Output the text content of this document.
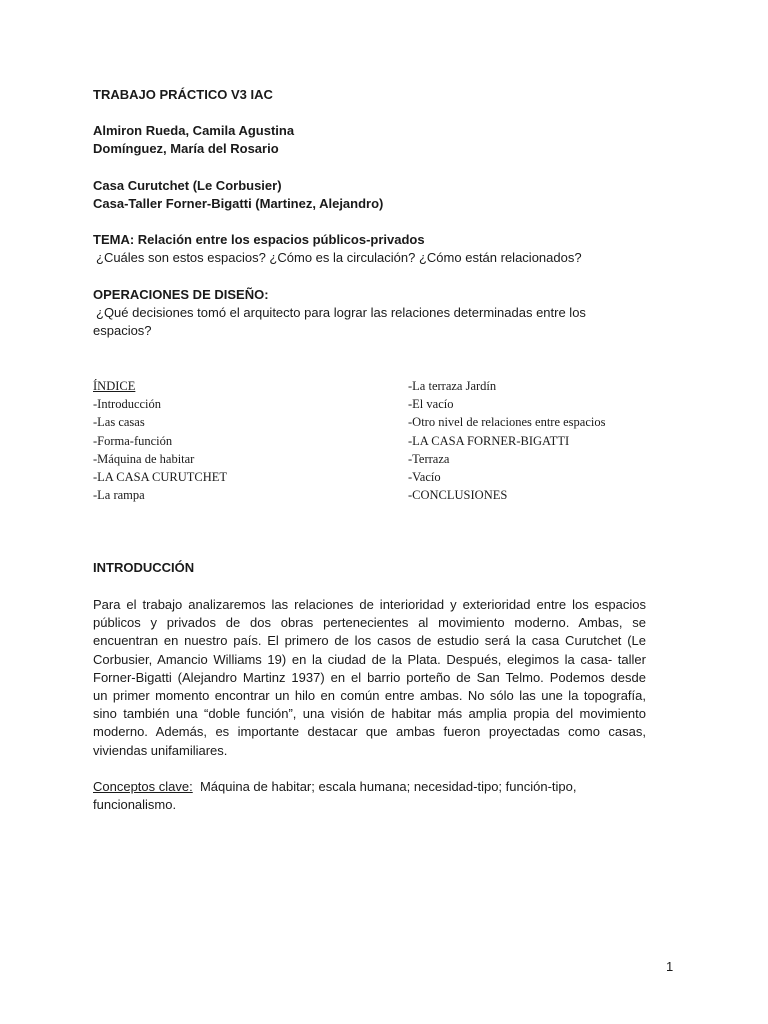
TRABAJO PRÁCTICO V3 IAC
Almiron Rueda, Camila Agustina
Domínguez, María del Rosario
Casa Curutchet (Le Corbusier)
Casa-Taller Forner-Bigatti (Martinez, Alejandro)
TEMA: Relación entre los espacios públicos-privados
¿Cuáles son estos espacios? ¿Cómo es la circulación? ¿Cómo están relacionados?
OPERACIONES DE DISEÑO:
¿Qué decisiones tomó el arquitecto para lograr las relaciones determinadas entre los
espacios?
ÍNDICE
-Introducción
-Las casas
-Forma-función
-Máquina de habitar
-LA CASA CURUTCHET
-La rampa
-La terraza Jardín
-El vacío
-Otro nivel de relaciones entre espacios
-LA CASA FORNER-BIGATTI
-Terraza
-Vacío
-CONCLUSIONES
INTRODUCCIÓN
Para el trabajo analizaremos las relaciones de interioridad y exterioridad entre los espacios
públicos y privados de dos obras pertenecientes al movimiento moderno. Ambas, se
encuentran en nuestro país. El primero de los casos de estudio será la casa Curutchet (Le
Corbusier, Amancio Williams 19) en la ciudad de la Plata. Después, elegimos la casa- taller
Forner-Bigatti (Alejandro Martinz 1937) en el barrio porteño de San Telmo. Podemos desde
un primer momento encontrar un hilo en común entre ambas. No sólo las une la topografía,
sino también una “doble función”, una visión de habitar más amplia propia del movimiento
moderno. Además, es importante destacar que ambas fueron proyectadas como casas,
viviendas unifamiliares.
Conceptos clave:  Máquina de habitar; escala humana; necesidad-tipo; función-tipo,
funcionalismo.
1
